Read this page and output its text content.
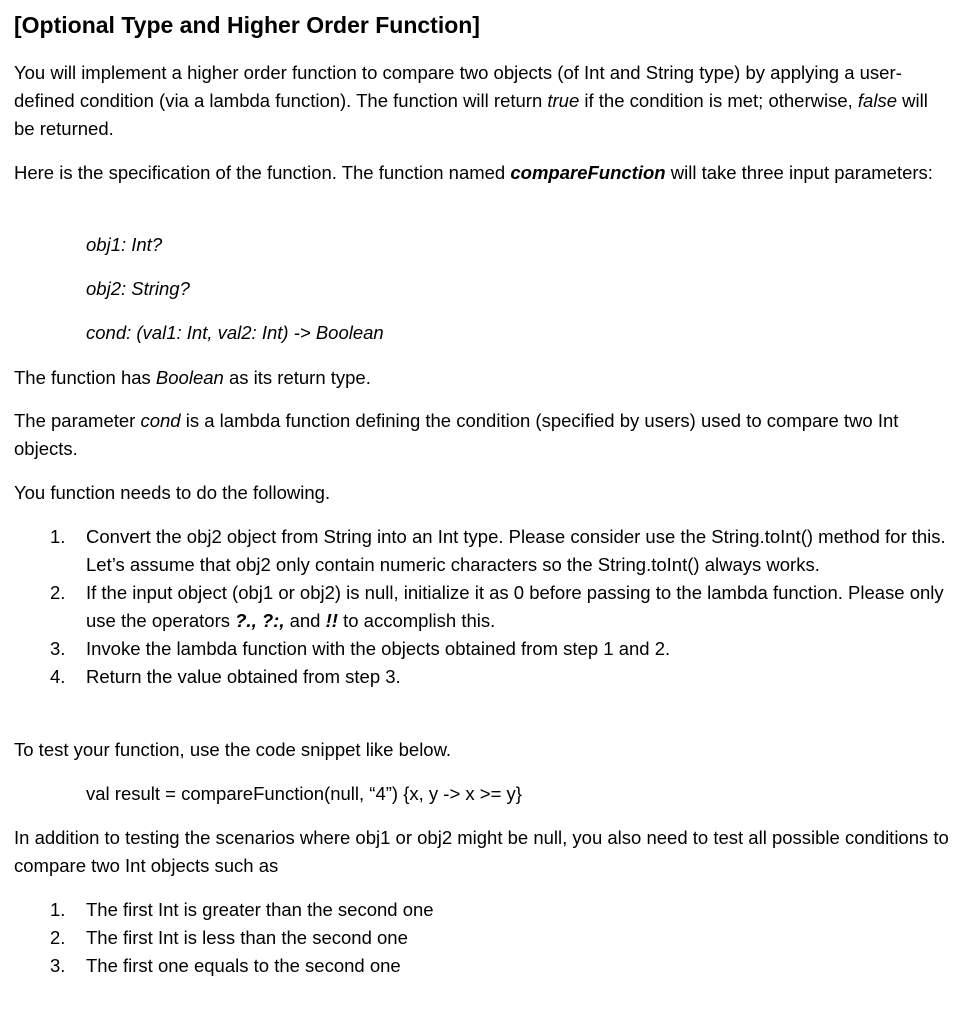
[Optional Type and Higher Order Function]

You will implement a higher order function to compare two objects (of Int and String type) by applying a user-defined condition (via a lambda function). The function will return true if the condition is met; otherwise, false will be returned.

Here is the specification of the function. The function named compareFunction will take three input parameters:

obj1: Int?

obj2: String?

cond: (val1: Int, val2: Int) -> Boolean

The function has Boolean as its return type.

The parameter cond is a lambda function defining the condition (specified by users) used to compare two Int objects.

You function needs to do the following.

1. Convert the obj2 object from String into an Int type. Please consider use the String.toInt() method for this. Let’s assume that obj2 only contain numeric characters so the String.toInt() always works.
2. If the input object (obj1 or obj2) is null, initialize it as 0 before passing to the lambda function. Please only use the operators ?., ?:, and !! to accomplish this.
3. Invoke the lambda function with the objects obtained from step 1 and 2.
4. Return the value obtained from step 3.

To test your function, use the code snippet like below.

val result = compareFunction(null, “4”) {x, y -> x >= y}

In addition to testing the scenarios where obj1 or obj2 might be null, you also need to test all possible conditions to compare two Int objects such as

1. The first Int is greater than the second one
2. The first Int is less than the second one
3. The first one equals to the second one
